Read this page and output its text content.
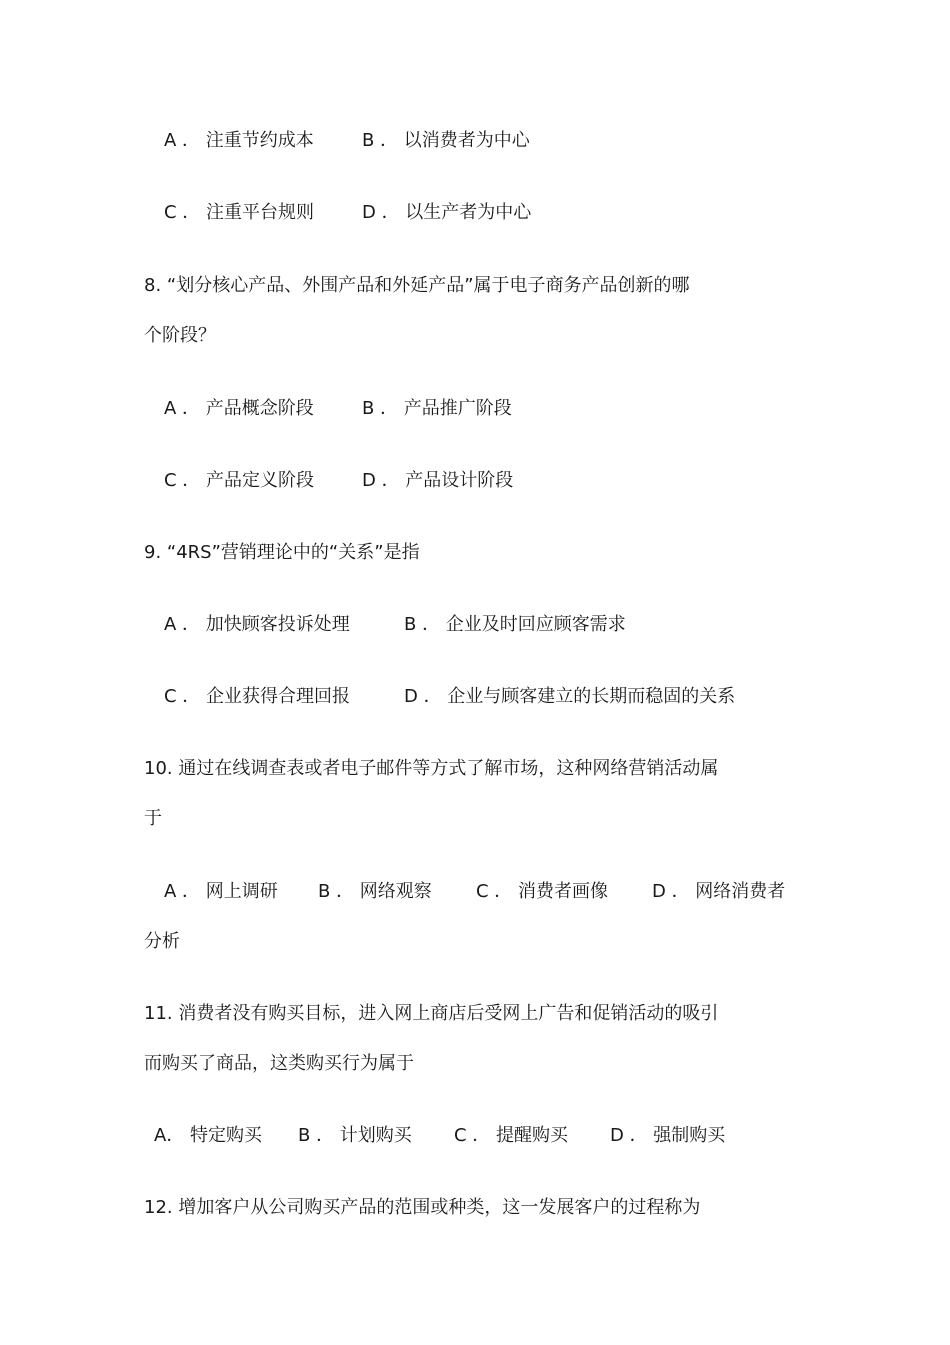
A ． 注重节约成本	B ． 以消费者为中心
C ． 注重平台规则	D ． 以生产者为中心
8. “划分核心产品、外围产品和外延产品”属于电子商务产品创新的哪
个阶段？
A ． 产品概念阶段	B ． 产品推广阶段
C ． 产品定义阶段	D ． 产品设计阶段
9. “4RS”营销理论中的“关系”是指
A ． 加快顾客投诉处理	B ． 企业及时回应顾客需求
C ． 企业获得合理回报	D ． 企业与顾客建立的长期而稳固的关系
10. 通过在线调查表或者电子邮件等方式了解市场，这种网络营销活动属
于
A ． 网上调研 B ． 网络观察 C ． 消费者画像 D ． 网络消费者
分析
11. 消费者没有购买目标，进入网上商店后受网上广告和促销活动的吸引
而购买了商品，这类购买行为属于
A． 特定购买 B ． 计划购买 C ． 提醒购买 D ． 强制购买
12. 增加客户从公司购买产品的范围或种类，这一发展客户的过程称为
